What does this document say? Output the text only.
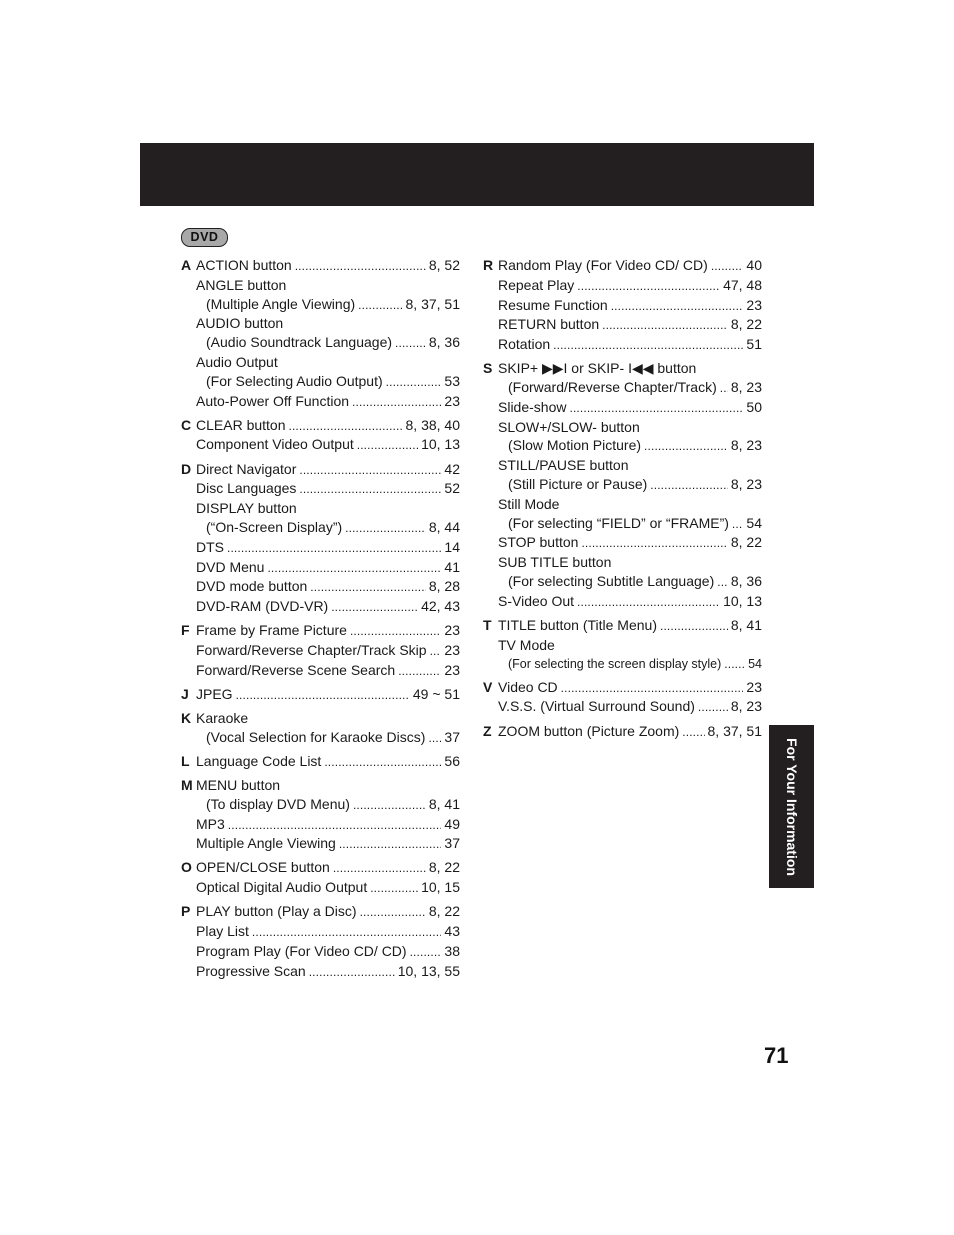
DVD
A ACTION button . . .	8, 52
ANGLE button
(Multiple Angle Viewing) . . .	8, 37, 51
AUDIO button
(Audio Soundtrack Language) . . .	8, 36
Audio Output
(For Selecting Audio Output) . . .	53
Auto-Power Off Function . . .	23
C CLEAR button . . .	8, 38, 40
Component Video Output . . .	10, 13
D Direct Navigator . . .	42
Disc Languages . . .	52
DISPLAY button
(“On-Screen Display”) . . .	8, 44
DTS . . .	14
DVD Menu . . .	41
DVD mode button . . .	8, 28
DVD-RAM (DVD-VR) . . .	42, 43
F Frame by Frame Picture . . .	23
Forward/Reverse Chapter/Track Skip . . . 23
Forward/Reverse Scene Search . . .	23
J JPEG . . .	49 ~ 51
K Karaoke
(Vocal Selection for Karaoke Discs) . . . 37
L Language Code List . . .	56
M MENU button
(To display DVD Menu) . . .	8, 41
MP3 . . .	49
Multiple Angle Viewing . . .	37
O OPEN/CLOSE button . . .	8, 22
Optical Digital Audio Output . . .	10, 15
P PLAY button (Play a Disc) . . .	8, 22
Play List . . .	43
Program Play (For Video CD/ CD) . . .	38
Progressive Scan . . .	10, 13, 55
R Random Play (For Video CD/ CD) . . .	40
Repeat Play . . .	47, 48
Resume Function . . .	23
RETURN button . . .	8, 22
Rotation . . .	51
S SKIP+ ▶▶I or SKIP- I◀◀ button
(Forward/Reverse Chapter/Track) . . . 8, 23
Slide-show . . .	50
SLOW+/SLOW- button
(Slow Motion Picture) . . .	8, 23
STILL/PAUSE button
(Still Picture or Pause) . . .	8, 23
Still Mode
(For selecting “FIELD” or “FRAME”) . . . 54
STOP button . . .	8, 22
SUB TITLE button
(For selecting Subtitle Language) . . . 8, 36
S-Video Out . . .	10, 13
T TITLE button (Title Menu) . . .	8, 41
TV Mode
(For selecting the screen display style) . . . 54
V Video CD . . .	23
V.S.S. (Virtual Surround Sound) . . .	8, 23
Z ZOOM button (Picture Zoom) . . . 8, 37, 51
For Your Information
71
